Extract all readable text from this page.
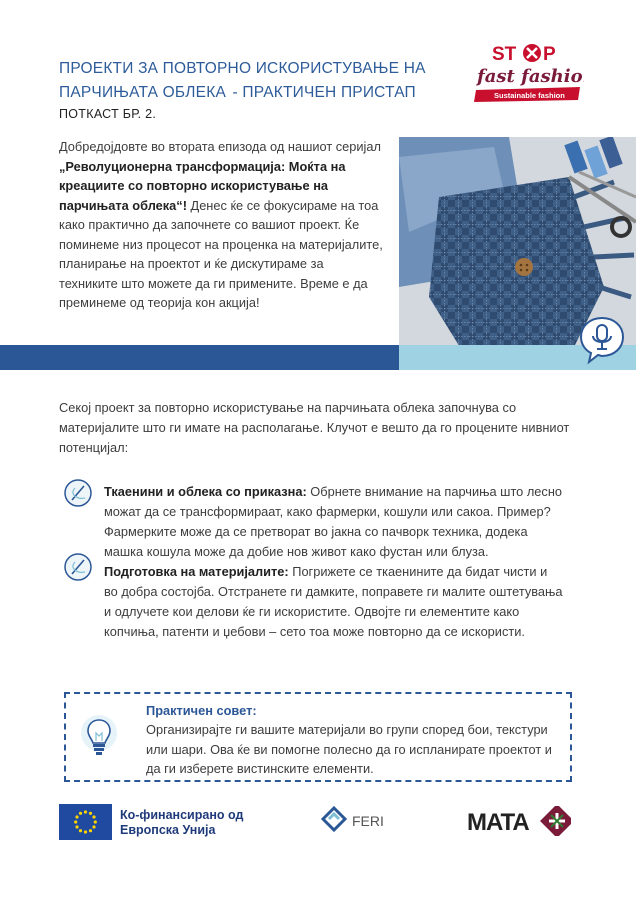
ПРОЕКТИ ЗА ПОВТОРНО ИСКОРИСТУВАЊЕ НА
ПАРЧИЊАТА ОБЛЕКА - ПРАКТИЧЕН ПРИСТАП
ПОТКАСТ БР. 2.
ST P
fast fashion
Sustainable fashion
Добредојдовте во втората епизода од нашиот серијал „Револуционерна трансформација: Моќта на креациите со повторно искористување на парчињата облека“! Денес ќе се фокусираме на тоа како практично да започнете со вашиот проект. Ќе поминеме низ процесот на проценка на материјалите, планирање на проектот и ќе дискутираме за техниките што можете да ги примените. Време е да преминеме од теорија кон акција!
Секој проект за повторно искористување на парчињата облека започнува со материјалите што ги имате на располагање. Клучот е вешто да го процените нивниот потенцијал:
Ткаенини и облека со приказна: Обрнете внимание на парчиња што лесно можат да се трансформираат, како фармерки, кошули или сакоа. Пример? Фармерките може да се претворат во јакна со пачворк техника, додека машка кошула може да добие нов живот како фустан или блуза.
Подготовка на материјалите: Погрижете се ткаенините да бидат чисти и во добра состојба. Отстранете ги дамките, поправете ги малите оштетувања и одлучете кои делови ќе ги искористите. Одвојте ги елементите како копчиња, патенти и џебови – сето тоа може повторно да се искористи.
Практичен совет:
Организирајте ги вашите материјали во групи според бои, текстури или шари. Ова ќе ви помогне полесно да го испланирате проектот и да ги изберете вистинските елементи.
Ко-финансирано од
Европска Унија
FERI	MATA
